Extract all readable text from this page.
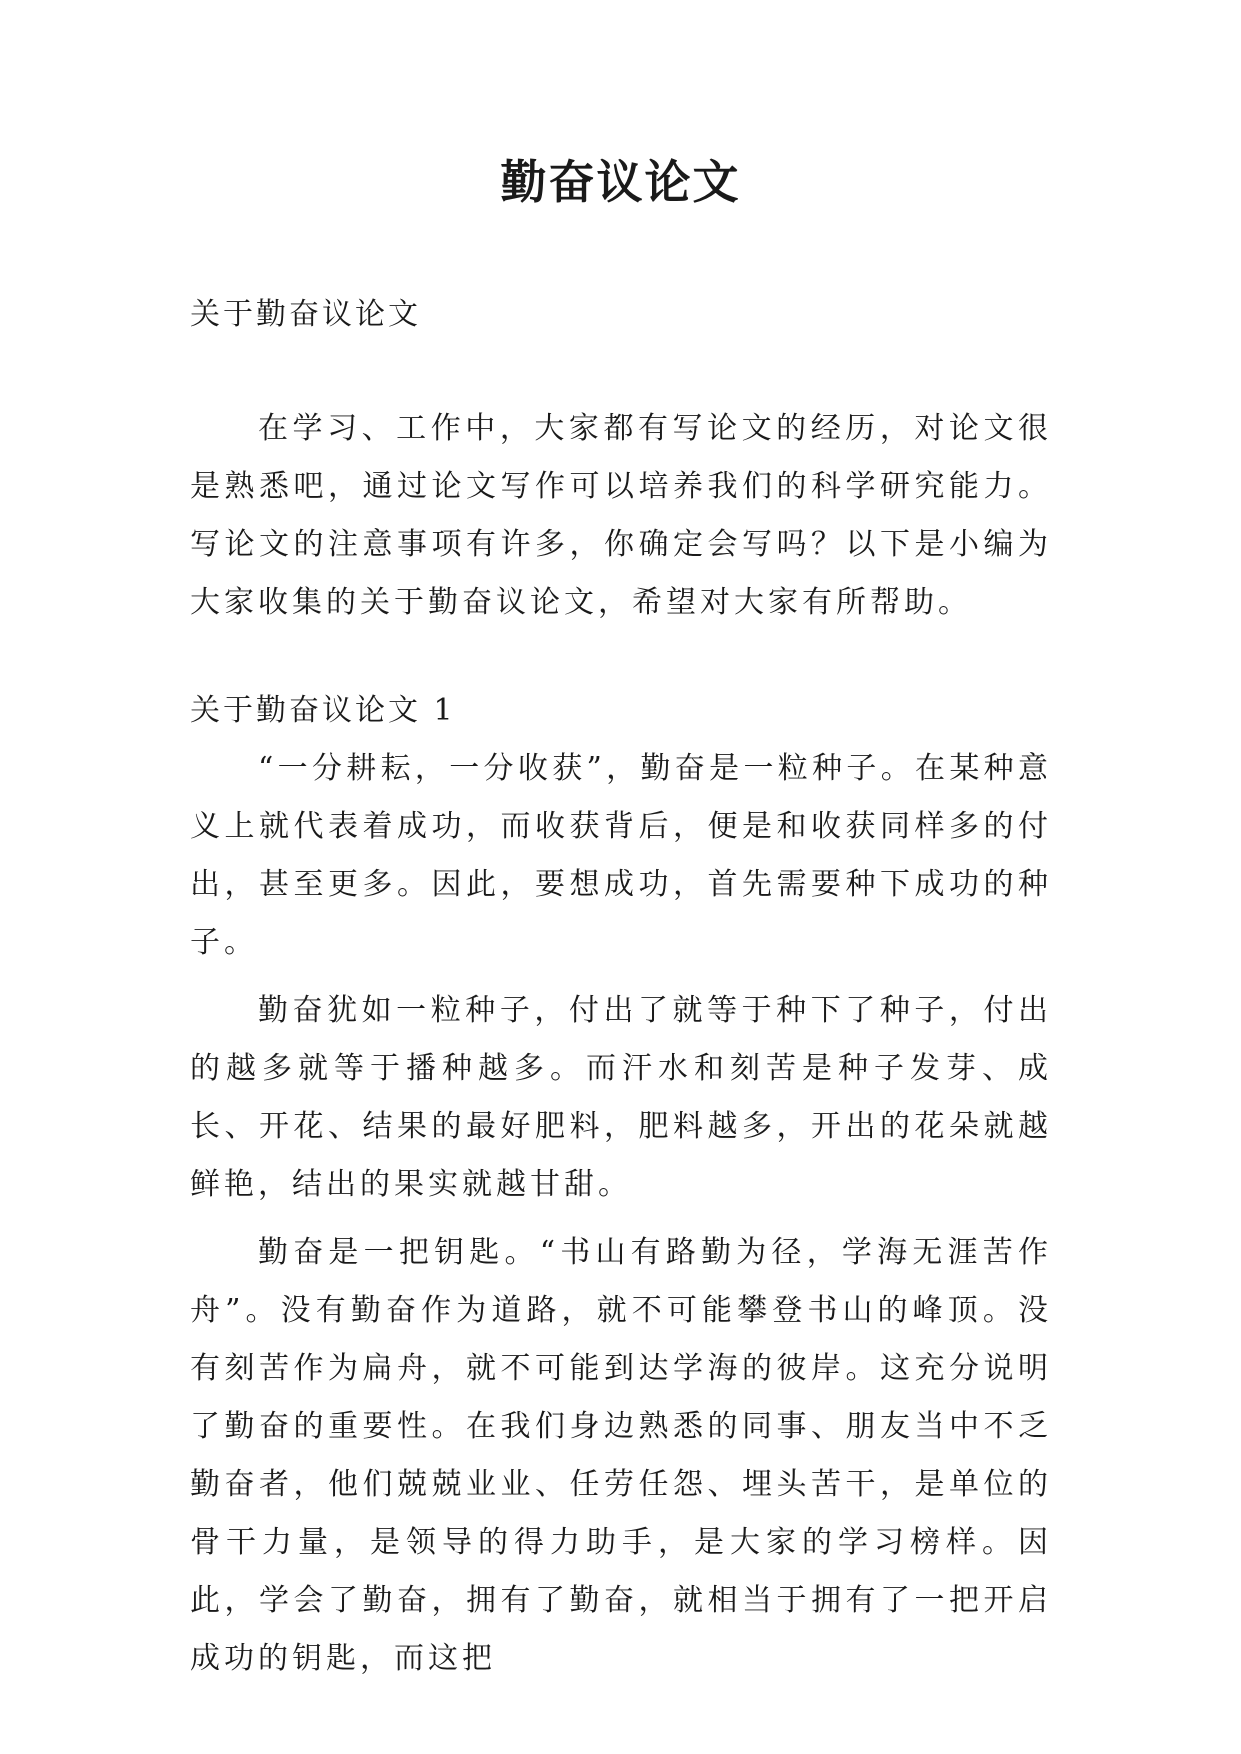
勤奋议论文

关于勤奋议论文

在学习、工作中，大家都有写论文的经历，对论文很是熟悉吧，通过论文写作可以培养我们的科学研究能力。写论文的注意事项有许多，你确定会写吗？以下是小编为大家收集的关于勤奋议论文，希望对大家有所帮助。

关于勤奋议论文 1

“一分耕耘，一分收获”，勤奋是一粒种子。在某种意义上就代表着成功，而收获背后，便是和收获同样多的付出，甚至更多。因此，要想成功，首先需要种下成功的种子。

勤奋犹如一粒种子，付出了就等于种下了种子，付出的越多就等于播种越多。而汗水和刻苦是种子发芽、成长、开花、结果的最好肥料，肥料越多，开出的花朵就越鲜艳，结出的果实就越甘甜。

勤奋是一把钥匙。“书山有路勤为径，学海无涯苦作舟”。没有勤奋作为道路，就不可能攀登书山的峰顶。没有刻苦作为扁舟，就不可能到达学海的彼岸。这充分说明了勤奋的重要性。在我们身边熟悉的同事、朋友当中不乏勤奋者，他们兢兢业业、任劳任怨、埋头苦干，是单位的骨干力量，是领导的得力助手，是大家的学习榜样。因此，学会了勤奋，拥有了勤奋，就相当于拥有了一把开启成功的钥匙，而这把
